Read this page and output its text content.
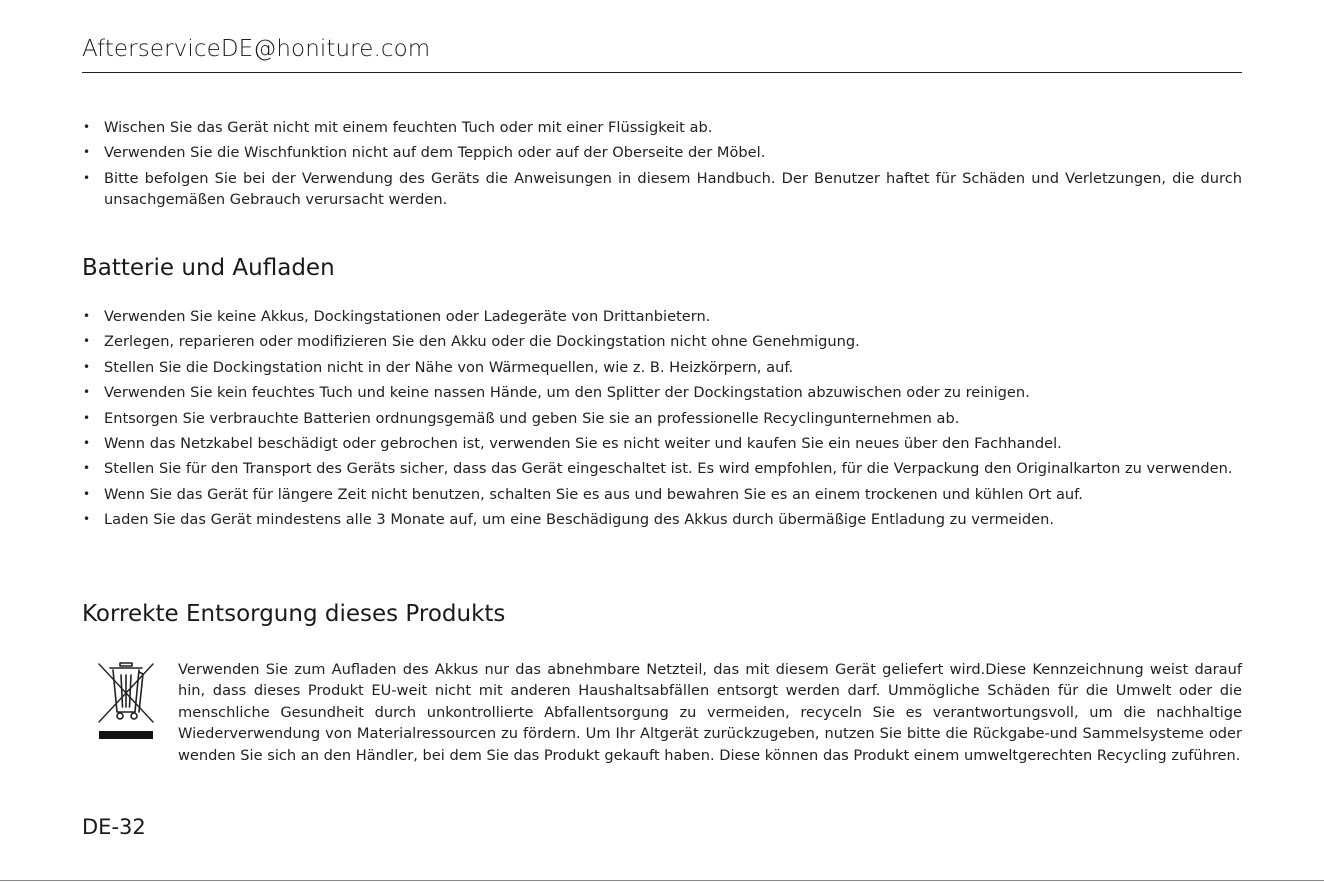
AfterserviceDE@honiture.com
• Wischen Sie das Gerät nicht mit einem feuchten Tuch oder mit einer Flüssigkeit ab.
• Verwenden Sie die Wischfunktion nicht auf dem Teppich oder auf der Oberseite der Möbel.
• Bitte befolgen Sie bei der Verwendung des Geräts die Anweisungen in diesem Handbuch. Der Benutzer haftet für Schäden und Verletzungen, die durch unsachgemäßen Gebrauch verursacht werden.
Batterie und Aufladen
• Verwenden Sie keine Akkus, Dockingstationen oder Ladegeräte von Drittanbietern.
• Zerlegen, reparieren oder modifizieren Sie den Akku oder die Dockingstation nicht ohne Genehmigung.
• Stellen Sie die Dockingstation nicht in der Nähe von Wärmequellen, wie z. B. Heizkörpern, auf.
• Verwenden Sie kein feuchtes Tuch und keine nassen Hände, um den Splitter der Dockingstation abzuwischen oder zu reinigen.
• Entsorgen Sie verbrauchte Batterien ordnungsgemäß und geben Sie sie an professionelle Recyclingunternehmen ab.
• Wenn das Netzkabel beschädigt oder gebrochen ist, verwenden Sie es nicht weiter und kaufen Sie ein neues über den Fachhandel.
• Stellen Sie für den Transport des Geräts sicher, dass das Gerät eingeschaltet ist. Es wird empfohlen, für die Verpackung den Originalkarton zu verwenden.
• Wenn Sie das Gerät für längere Zeit nicht benutzen, schalten Sie es aus und bewahren Sie es an einem trockenen und kühlen Ort auf.
• Laden Sie das Gerät mindestens alle 3 Monate auf, um eine Beschädigung des Akkus durch übermäßige Entladung zu vermeiden.
Korrekte Entsorgung dieses Produkts

Verwenden Sie zum Aufladen des Akkus nur das abnehmbare Netzteil, das mit diesem Gerät geliefert wird.Diese Kennzeichnung weist darauf hin, dass dieses Produkt EU-weit nicht mit anderen Haushaltsabfällen entsorgt werden darf. Ummögliche Schäden für die Umwelt oder die menschliche Gesundheit durch unkontrollierte Abfallentsorgung zu vermeiden, recyceln Sie es verantwortungsvoll, um die nachhaltige Wiederverwendung von Materialressourcen zu fördern. Um Ihr Altgerät zurückzugeben, nutzen Sie bitte die Rückgabe-und Sammelsysteme oder wenden Sie sich an den Händler, bei dem Sie das Produkt gekauft haben. Diese können das Produkt einem umweltgerechten Recycling zuführen.

DE-32
